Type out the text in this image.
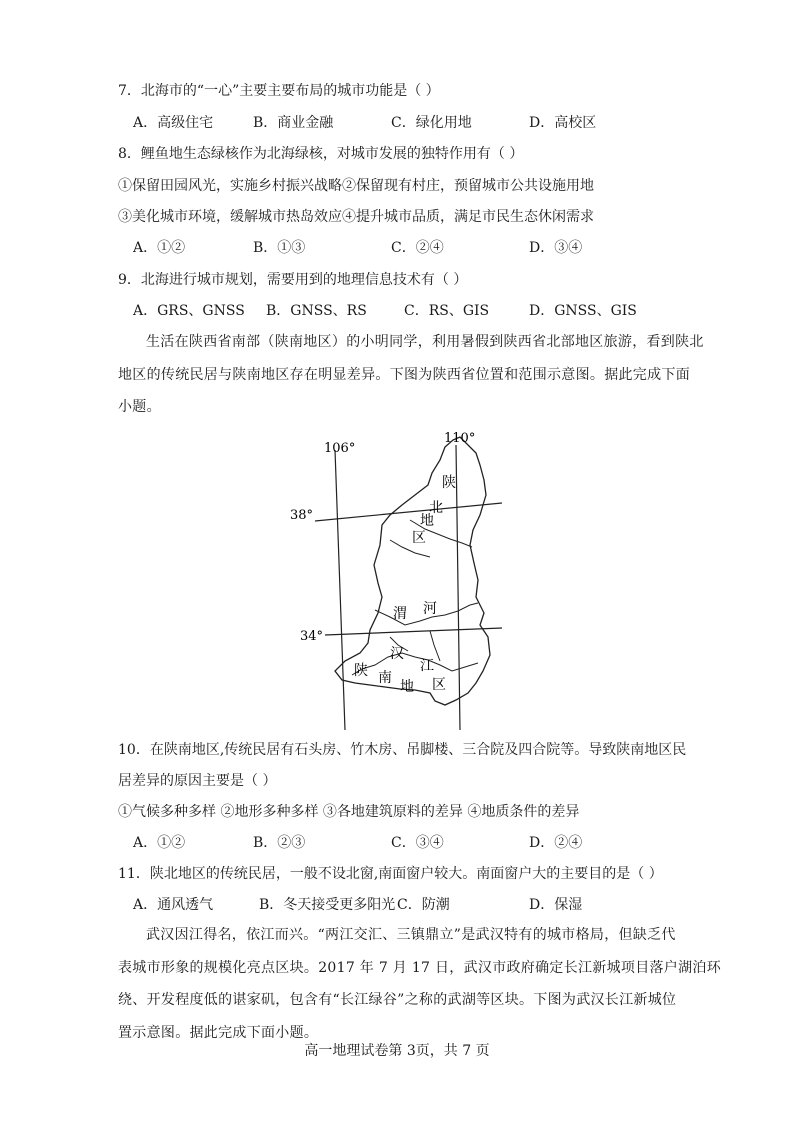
7．北海市的“一心”主要主要布局的城市功能是（ ）
A．高级住宅	B．商业金融	C．绿化用地	D．高校区
8．鲤鱼地生态绿核作为北海绿核，对城市发展的独特作用有（ ）
①保留田园风光，实施乡村振兴战略②保留现有村庄，预留城市公共设施用地
③美化城市环境，缓解城市热岛效应④提升城市品质，满足市民生态休闲需求
A．①②	B．①③	C．②④	D．③④
9．北海进行城市规划，需要用到的地理信息技术有（ ）
A．GRS、GNSS B．GNSS、RS	C．RS、GIS	D．GNSS、GIS
生活在陕西省南部（陕南地区）的小明同学，利用暑假到陕西省北部地区旅游，看到陕北
地区的传统民居与陕南地区存在明显差异。下图为陕西省位置和范围示意图。据此完成下面
小题。
106°
110°
38°
34°
陕
北
地
区
渭 河
陕
汉
江
南
地 区
10．在陕南地区,传统民居有石头房、竹木房、吊脚楼、三合院及四合院等。导致陕南地区民
居差异的原因主要是（ ）
①气候多种多样 ②地形多种多样 ③各地建筑原料的差异 ④地质条件的差异
A．①②	B．②③	C．③④	D．②④
11．陕北地区的传统民居，一般不设北窗,南面窗户较大。南面窗户大的主要目的是（ ）
A．通风透气	B．冬天接受更多阳光 C．防潮	D．保湿
武汉因江得名，依江而兴。“两江交汇、三镇鼎立”是武汉特有的城市格局，但缺乏代
表城市形象的规模化亮点区块。2017 年 7 月 17 日，武汉市政府确定长江新城项目落户湖泊环
绕、开发程度低的谌家矶，包含有“长江绿谷”之称的武湖等区块。下图为武汉长江新城位
置示意图。据此完成下面小题。
高一地理试卷第 3页，共 7 页
